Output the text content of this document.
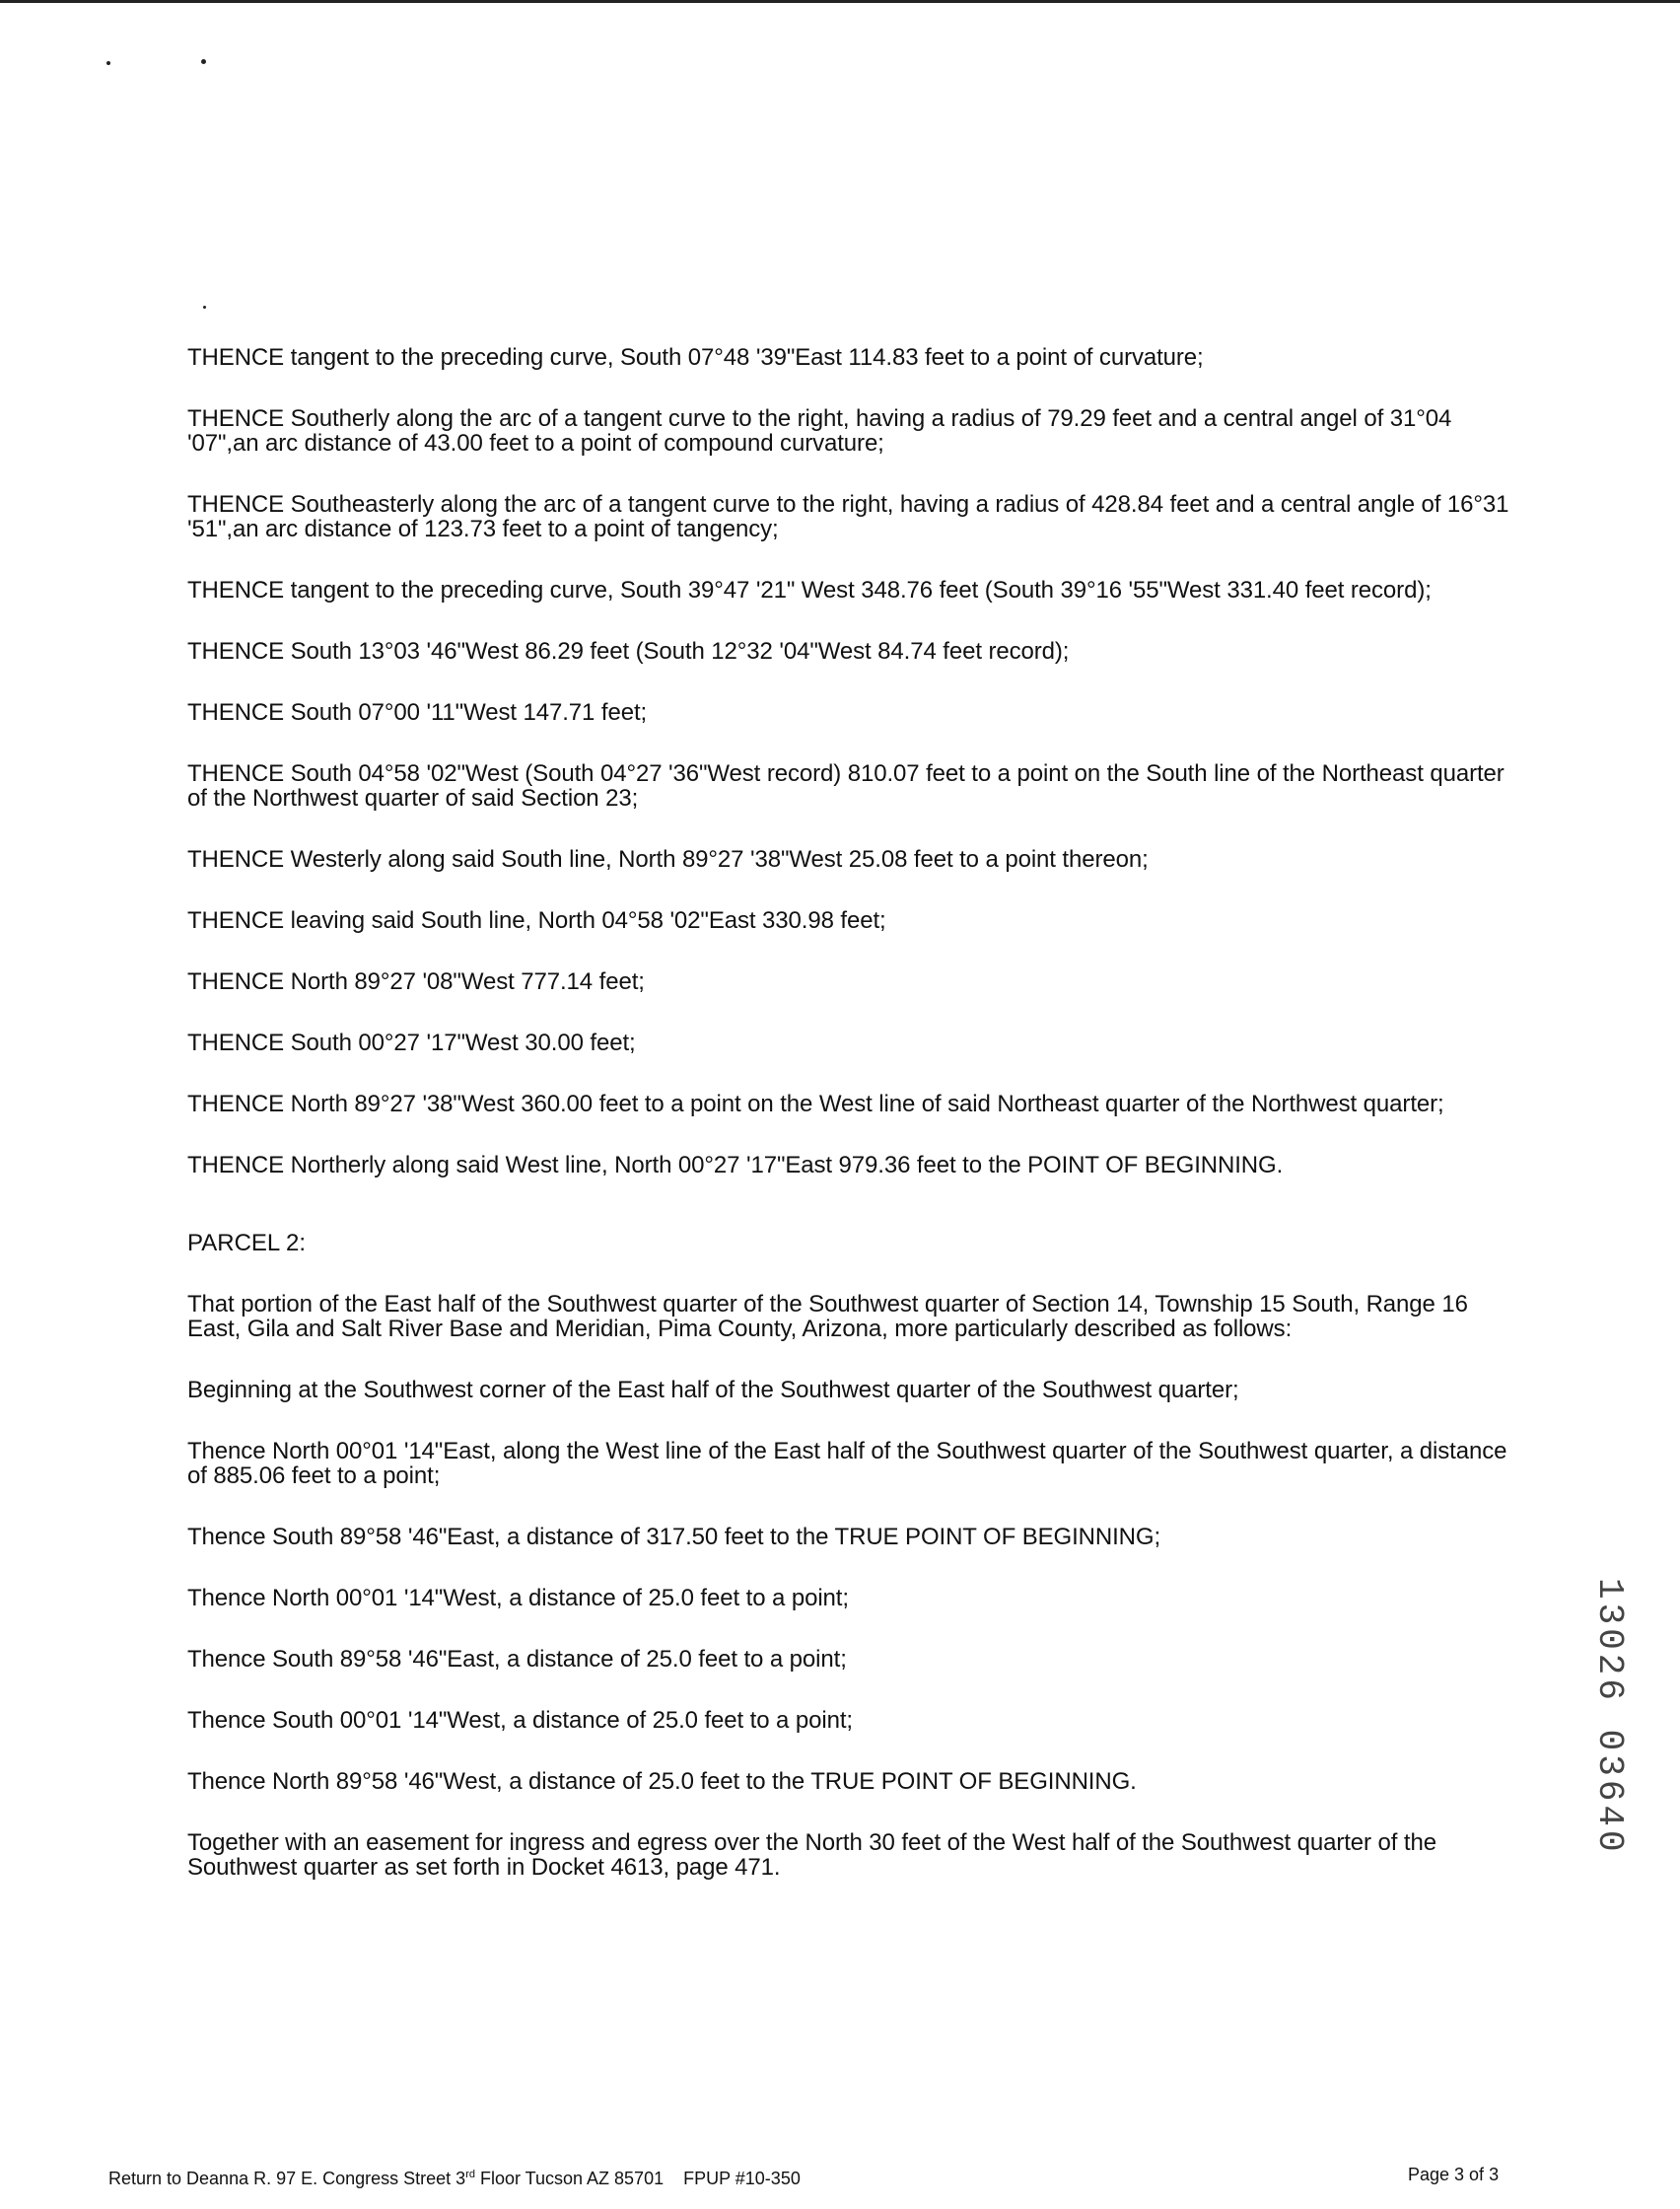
THENCE tangent to the preceding curve, South 07°48 '39"East 114.83 feet to a point of curvature;

THENCE Southerly along the arc of a tangent curve to the right, having a radius of 79.29 feet and a central angel of 31°04 '07",an arc distance of 43.00 feet to a point of compound curvature;

THENCE Southeasterly along the arc of a tangent curve to the right, having a radius of 428.84 feet and a central angle of 16°31 '51",an arc distance of 123.73 feet to a point of tangency;

THENCE tangent to the preceding curve, South 39°47 '21" West 348.76 feet (South 39°16 '55"West 331.40 feet record);

THENCE South 13°03 '46"West 86.29 feet (South 12°32 '04"West 84.74 feet record);

THENCE South 07°00 '11"West 147.71 feet;

THENCE South 04°58 '02"West (South 04°27 '36"West record) 810.07 feet to a point on the South line of the Northeast quarter of the Northwest quarter of said Section 23;

THENCE Westerly along said South line, North 89°27 '38"West 25.08 feet to a point thereon;

THENCE leaving said South line, North 04°58 '02"East 330.98 feet;

THENCE North 89°27 '08"West 777.14 feet;

THENCE South 00°27 '17"West 30.00 feet;

THENCE North 89°27 '38"West 360.00 feet to a point on the West line of said Northeast quarter of the Northwest quarter;

THENCE Northerly along said West line, North 00°27 '17"East 979.36 feet to the POINT OF BEGINNING.

PARCEL 2:

That portion of the East half of the Southwest quarter of the Southwest quarter of Section 14, Township 15 South, Range 16 East, Gila and Salt River Base and Meridian, Pima County, Arizona, more particularly described as follows:

Beginning at the Southwest corner of the East half of the Southwest quarter of the Southwest quarter;

Thence North 00°01 '14"East, along the West line of the East half of the Southwest quarter of the Southwest quarter, a distance of 885.06 feet to a point;

Thence South 89°58 '46"East, a distance of 317.50 feet to the TRUE POINT OF BEGINNING;

Thence North 00°01 '14"West, a distance of 25.0 feet to a point;

Thence South 89°58 '46"East, a distance of 25.0 feet to a point;

Thence South 00°01 '14"West, a distance of 25.0 feet to a point;

Thence North 89°58 '46"West, a distance of 25.0 feet to the TRUE POINT OF BEGINNING.

Together with an easement for ingress and egress over the North 30 feet of the West half of the Southwest quarter of the Southwest quarter as set forth in Docket 4613, page 471.

13026 03640
Return to Deanna R. 97 E. Congress Street 3rd Floor Tucson AZ 85701    FPUP #10-350	Page 3 of 3
